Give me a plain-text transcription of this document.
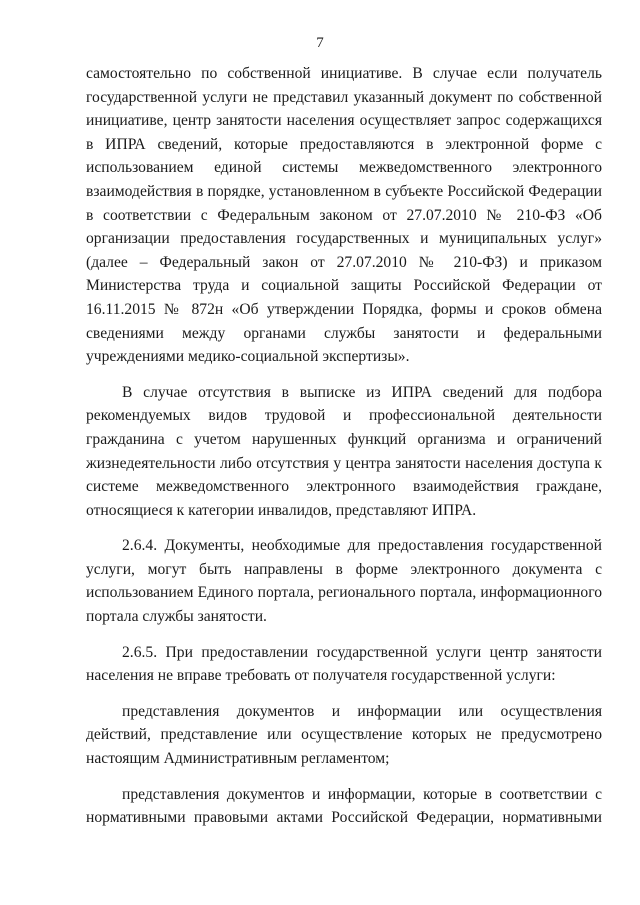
7

самостоятельно по собственной инициативе. В случае если получатель государственной услуги не представил указанный документ по собственной инициативе, центр занятости населения осуществляет запрос содержащихся в ИПРА сведений, которые предоставляются в электронной форме с использованием единой системы межведомственного электронного взаимодействия в порядке, установленном в субъекте Российской Федерации в соответствии с Федеральным законом от 27.07.2010 № 210-ФЗ «Об организации предоставления государственных и муниципальных услуг» (далее – Федеральный закон от 27.07.2010 № 210-ФЗ) и приказом Министерства труда и социальной защиты Российской Федерации от 16.11.2015 № 872н «Об утверждении Порядка, формы и сроков обмена сведениями между органами службы занятости и федеральными учреждениями медико-социальной экспертизы».

В случае отсутствия в выписке из ИПРА сведений для подбора рекомендуемых видов трудовой и профессиональной деятельности гражданина с учетом нарушенных функций организма и ограничений жизнедеятельности либо отсутствия у центра занятости населения доступа к системе межведомственного электронного взаимодействия граждане, относящиеся к категории инвалидов, представляют ИПРА.

2.6.4. Документы, необходимые для предоставления государственной услуги, могут быть направлены в форме электронного документа с использованием Единого портала, регионального портала, информационного портала службы занятости.

2.6.5. При предоставлении государственной услуги центр занятости населения не вправе требовать от получателя государственной услуги:

представления документов и информации или осуществления действий, представление или осуществление которых не предусмотрено настоящим Административным регламентом;

представления документов и информации, которые в соответствии с нормативными правовыми актами Российской Федерации, нормативными
